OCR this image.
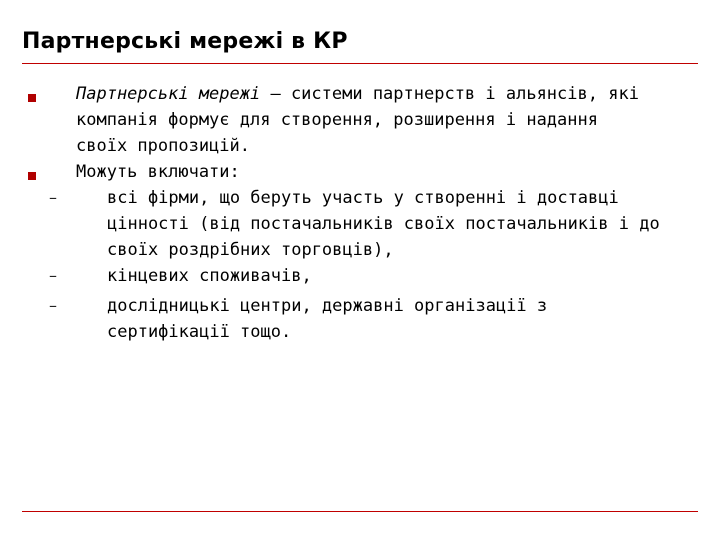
Партнерські мережі в КР
Партнерські мережі — системи партнерств і альянсів, які
компанія формує для створення, розширення і надання
своїх пропозицій.
Можуть включати:
–	всі фірми, що беруть участь у створенні і доставці
цінності (від постачальників своїх постачальників і до
своїх роздрібних торговців),
–	кінцевих споживачів,
–	дослідницькі центри, державні організації з
сертифікації тощо.
